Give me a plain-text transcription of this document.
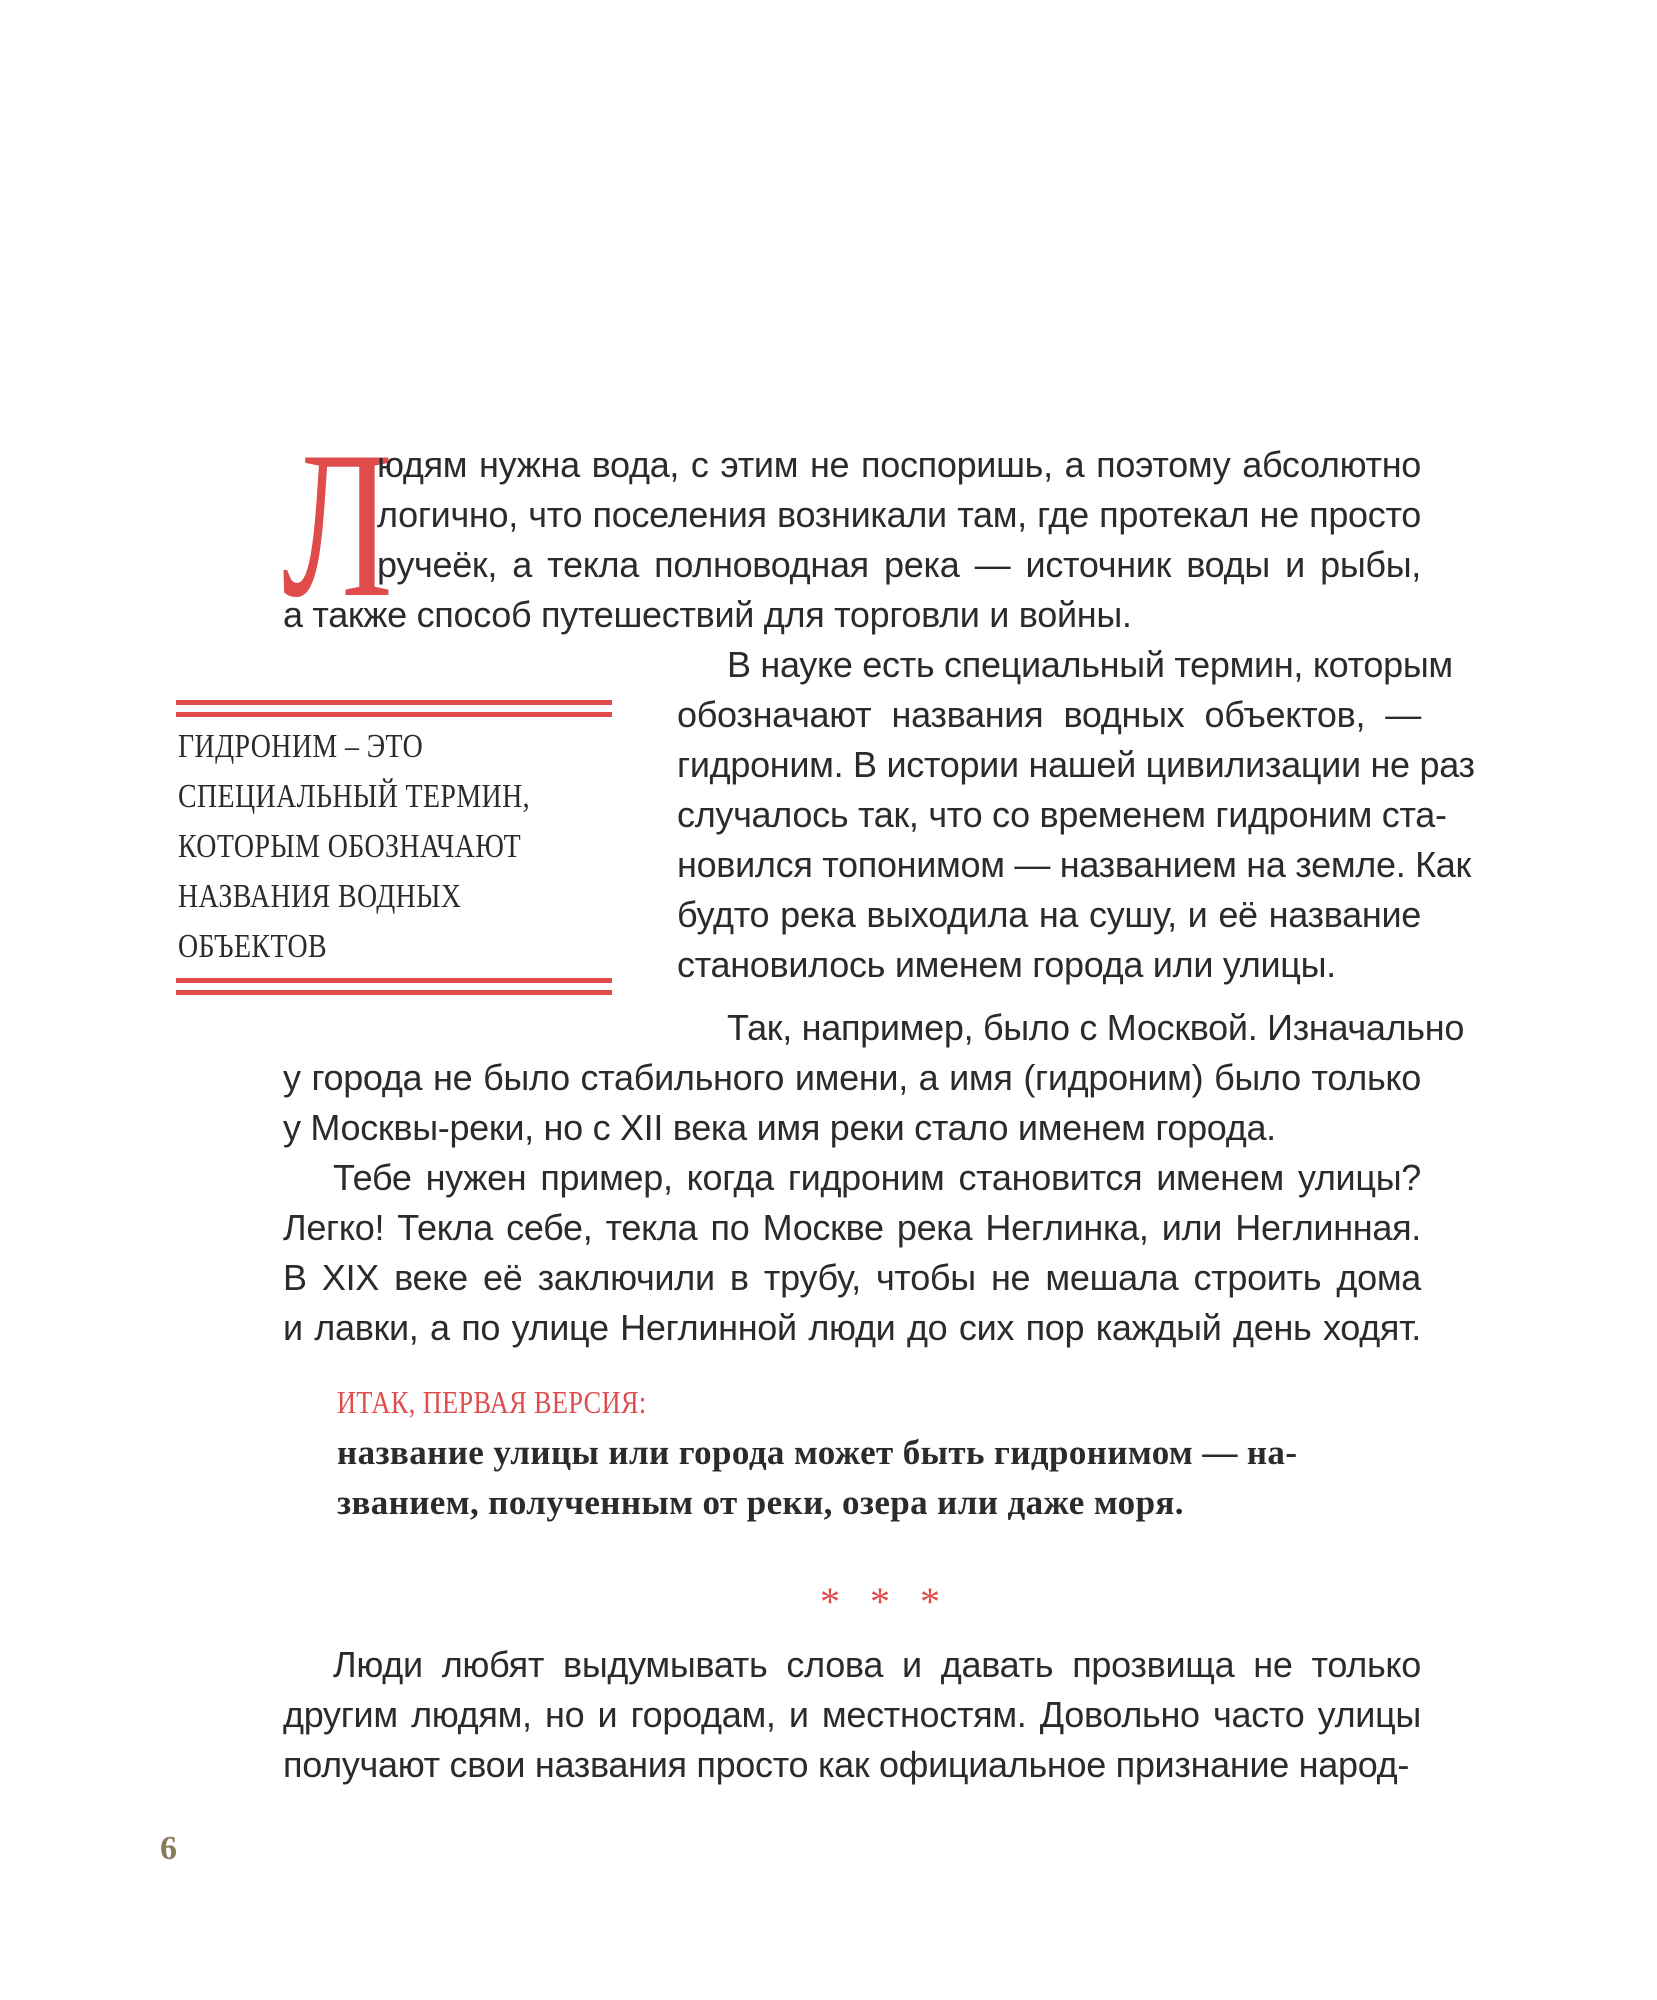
Л
юдям нужна вода, с этим не поспоришь, а поэтому абсолютно
логично, что поселения возникали там, где протекал не просто
ручеёк, а текла полноводная река — источник воды и рыбы,
а также способ путешествий для торговли и войны.
ГИДРОНИМ – ЭТО
СПЕЦИАЛЬНЫЙ ТЕРМИН,
КОТОРЫМ ОБОЗНАЧАЮТ
НАЗВАНИЯ ВОДНЫХ
ОБЪЕКТОВ
В науке есть специальный термин, которым
обозначают названия водных объектов, —
гидроним. В истории нашей цивилизации не раз
случалось так, что со временем гидроним ста-
новился топонимом — названием на земле. Как
будто река выходила на сушу, и её название
становилось именем города или улицы.
Так, например, было с Москвой. Изначально
у города не было стабильного имени, а имя (гидроним) было только
у Москвы-реки, но с XII века имя реки стало именем города.
Тебе нужен пример, когда гидроним становится именем улицы?
Легко! Текла себе, текла по Москве река Неглинка, или Неглинная.
В XIX веке её заключили в трубу, чтобы не мешала строить дома
и лавки, а по улице Неглинной люди до сих пор каждый день ходят.
ИТАК, ПЕРВАЯ ВЕРСИЯ:
название улицы или города может быть гидронимом — на-
званием, полученным от реки, озера или даже моря.
* * *
Люди любят выдумывать слова и давать прозвища не только
другим людям, но и городам, и местностям. Довольно часто улицы
получают свои названия просто как официальное признание народ-
6
